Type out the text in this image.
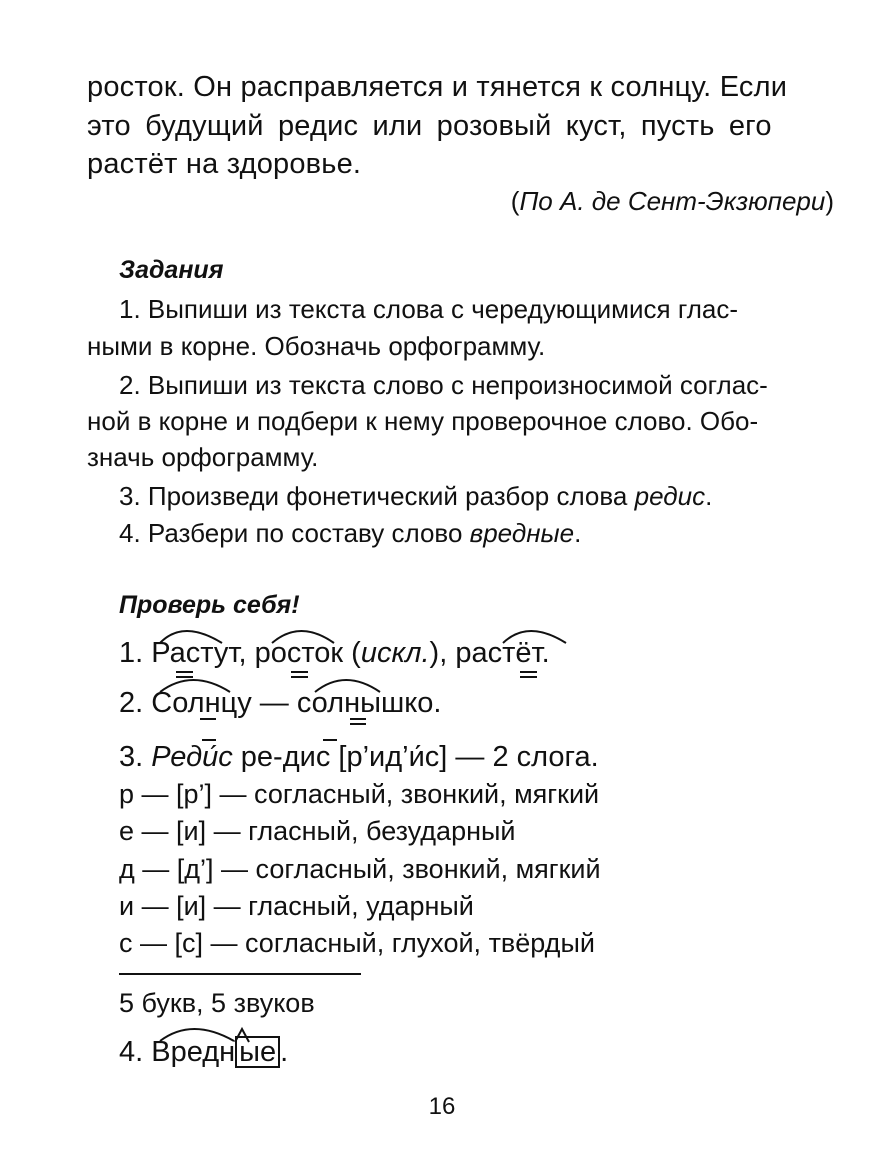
росток. Он расправляется и тянется к солнцу. Если
это будущий редис или розовый куст, пусть его
растёт на здоровье.
(По А. де Сент-Экзюпери)
Задания
1. Выпиши из текста слова с чередующимися глас-
ными в корне. Обозначь орфограмму.
2. Выпиши из текста слово с непроизносимой соглас-
ной в корне и подбери к нему проверочное слово. Обо-
значь орфограмму.
3. Произведи фонетический разбор слова редис.
4. Разбери по составу слово вредные.
Проверь себя!
1. Растут, росток (искл.), растёт.
2. Солнцу — солнышко.
3. Реди́с ре-дис [р’ид’и́с] — 2 слога.
р — [р’] — согласный, звонкий, мягкий
е — [и] — гласный, безударный
д — [д’] — согласный, звонкий, мягкий
и — [и] — гласный, ударный
с — [с] — согласный, глухой, твёрдый
5 букв, 5 звуков
4. Вредн ые .
16
